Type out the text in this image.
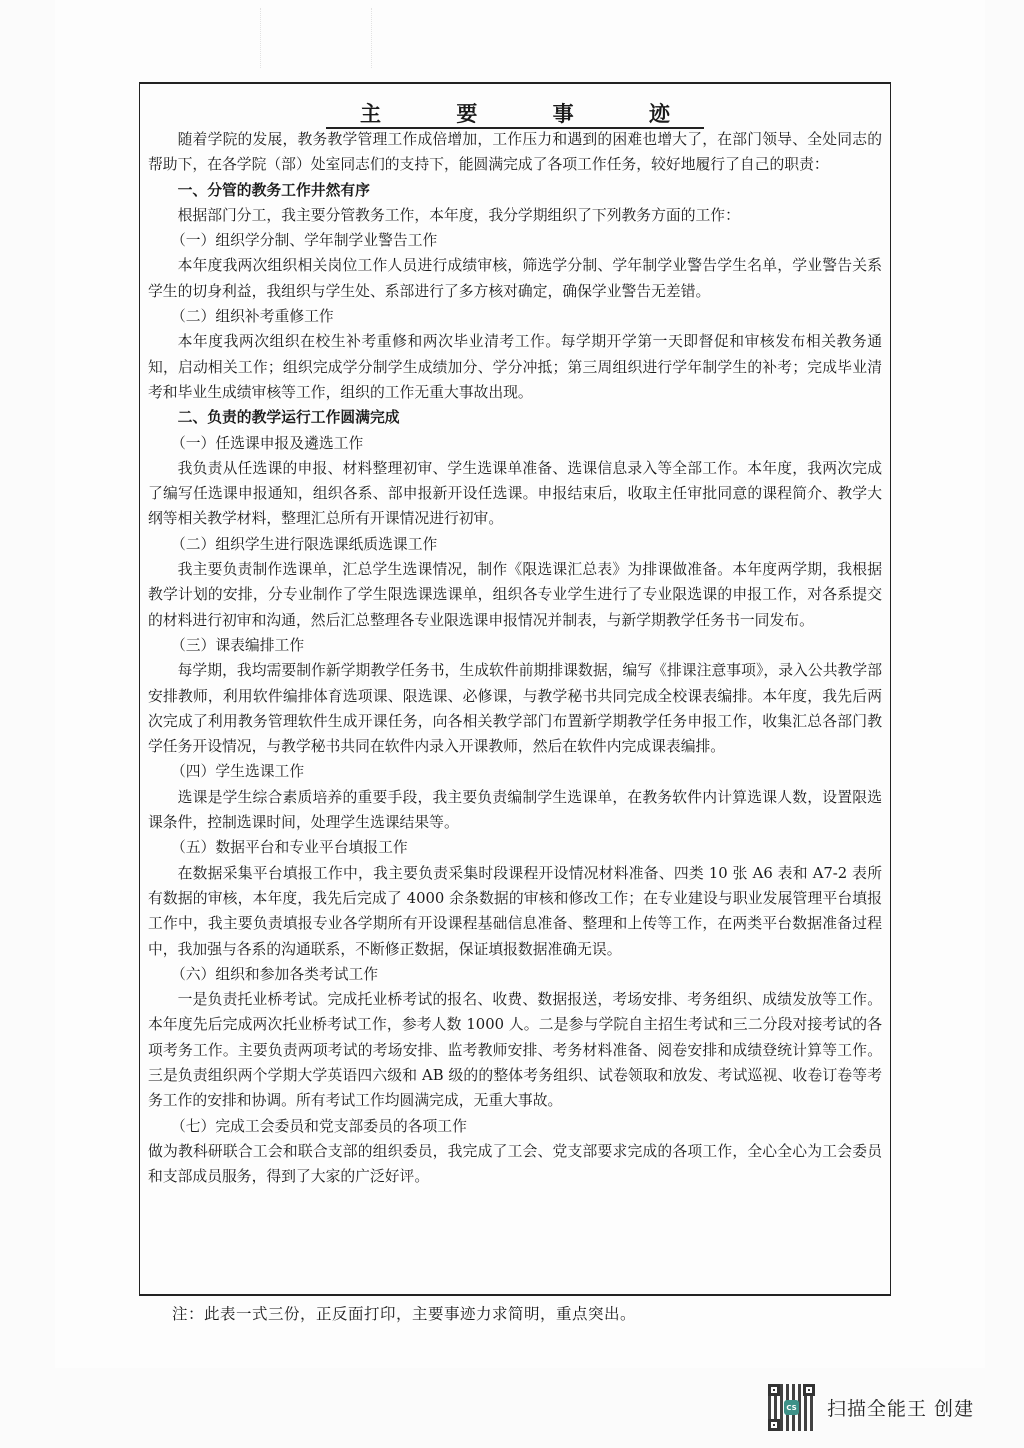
主 要 事 迹

随着学院的发展，教务教学管理工作成倍增加，工作压力和遇到的困难也增大了，在部门领导、全处同志的帮助下，在各学院（部）处室同志们的支持下，能圆满完成了各项工作任务，较好地履行了自己的职责：

一、分管的教务工作井然有序

根据部门分工，我主要分管教务工作，本年度，我分学期组织了下列教务方面的工作：

（一）组织学分制、学年制学业警告工作

本年度我两次组织相关岗位工作人员进行成绩审核，筛选学分制、学年制学业警告学生名单，学业警告关系学生的切身利益，我组织与学生处、系部进行了多方核对确定，确保学业警告无差错。

（二）组织补考重修工作

本年度我两次组织在校生补考重修和两次毕业清考工作。每学期开学第一天即督促和审核发布相关教务通知，启动相关工作；组织完成学分制学生成绩加分、学分冲抵；第三周组织进行学年制学生的补考；完成毕业清考和毕业生成绩审核等工作，组织的工作无重大事故出现。

二、负责的教学运行工作圆满完成

（一）任选课申报及遴选工作

我负责从任选课的申报、材料整理初审、学生选课单准备、选课信息录入等全部工作。本年度，我两次完成了编写任选课申报通知，组织各系、部申报新开设任选课。申报结束后，收取主任审批同意的课程简介、教学大纲等相关教学材料，整理汇总所有开课情况进行初审。

（二）组织学生进行限选课纸质选课工作

我主要负责制作选课单，汇总学生选课情况，制作《限选课汇总表》为排课做准备。本年度两学期，我根据教学计划的安排，分专业制作了学生限选课选课单，组织各专业学生进行了专业限选课的申报工作，对各系提交的材料进行初审和沟通，然后汇总整理各专业限选课申报情况并制表，与新学期教学任务书一同发布。

（三）课表编排工作

每学期，我均需要制作新学期教学任务书，生成软件前期排课数据，编写《排课注意事项》，录入公共教学部安排教师，利用软件编排体育选项课、限选课、必修课，与教学秘书共同完成全校课表编排。本年度，我先后两次完成了利用教务管理软件生成开课任务，向各相关教学部门布置新学期教学任务申报工作，收集汇总各部门教学任务开设情况，与教学秘书共同在软件内录入开课教师，然后在软件内完成课表编排。

（四）学生选课工作

选课是学生综合素质培养的重要手段，我主要负责编制学生选课单，在教务软件内计算选课人数，设置限选课条件，控制选课时间，处理学生选课结果等。

（五）数据平台和专业平台填报工作

在数据采集平台填报工作中，我主要负责采集时段课程开设情况材料准备、四类 10 张 A6 表和 A7-2 表所有数据的审核，本年度，我先后完成了 4000 余条数据的审核和修改工作；在专业建设与职业发展管理平台填报工作中，我主要负责填报专业各学期所有开设课程基础信息准备、整理和上传等工作，在两类平台数据准备过程中，我加强与各系的沟通联系，不断修正数据，保证填报数据准确无误。

（六）组织和参加各类考试工作

一是负责托业桥考试。完成托业桥考试的报名、收费、数据报送，考场安排、考务组织、成绩发放等工作。本年度先后完成两次托业桥考试工作，参考人数 1000 人。二是参与学院自主招生考试和三二分段对接考试的各项考务工作。主要负责两项考试的考场安排、监考教师安排、考务材料准备、阅卷安排和成绩登统计算等工作。三是负责组织两个学期大学英语四六级和 AB 级的的整体考务组织、试卷领取和放发、考试巡视、收卷订卷等考务工作的安排和协调。所有考试工作均圆满完成，无重大事故。

（七）完成工会委员和党支部委员的各项工作

做为教科研联合工会和联合支部的组织委员，我完成了工会、党支部要求完成的各项工作，全心全心为工会委员和支部成员服务，得到了大家的广泛好评。

注：此表一式三份，正反面打印，主要事迹力求简明，重点突出。
CS 扫描全能王 创建
